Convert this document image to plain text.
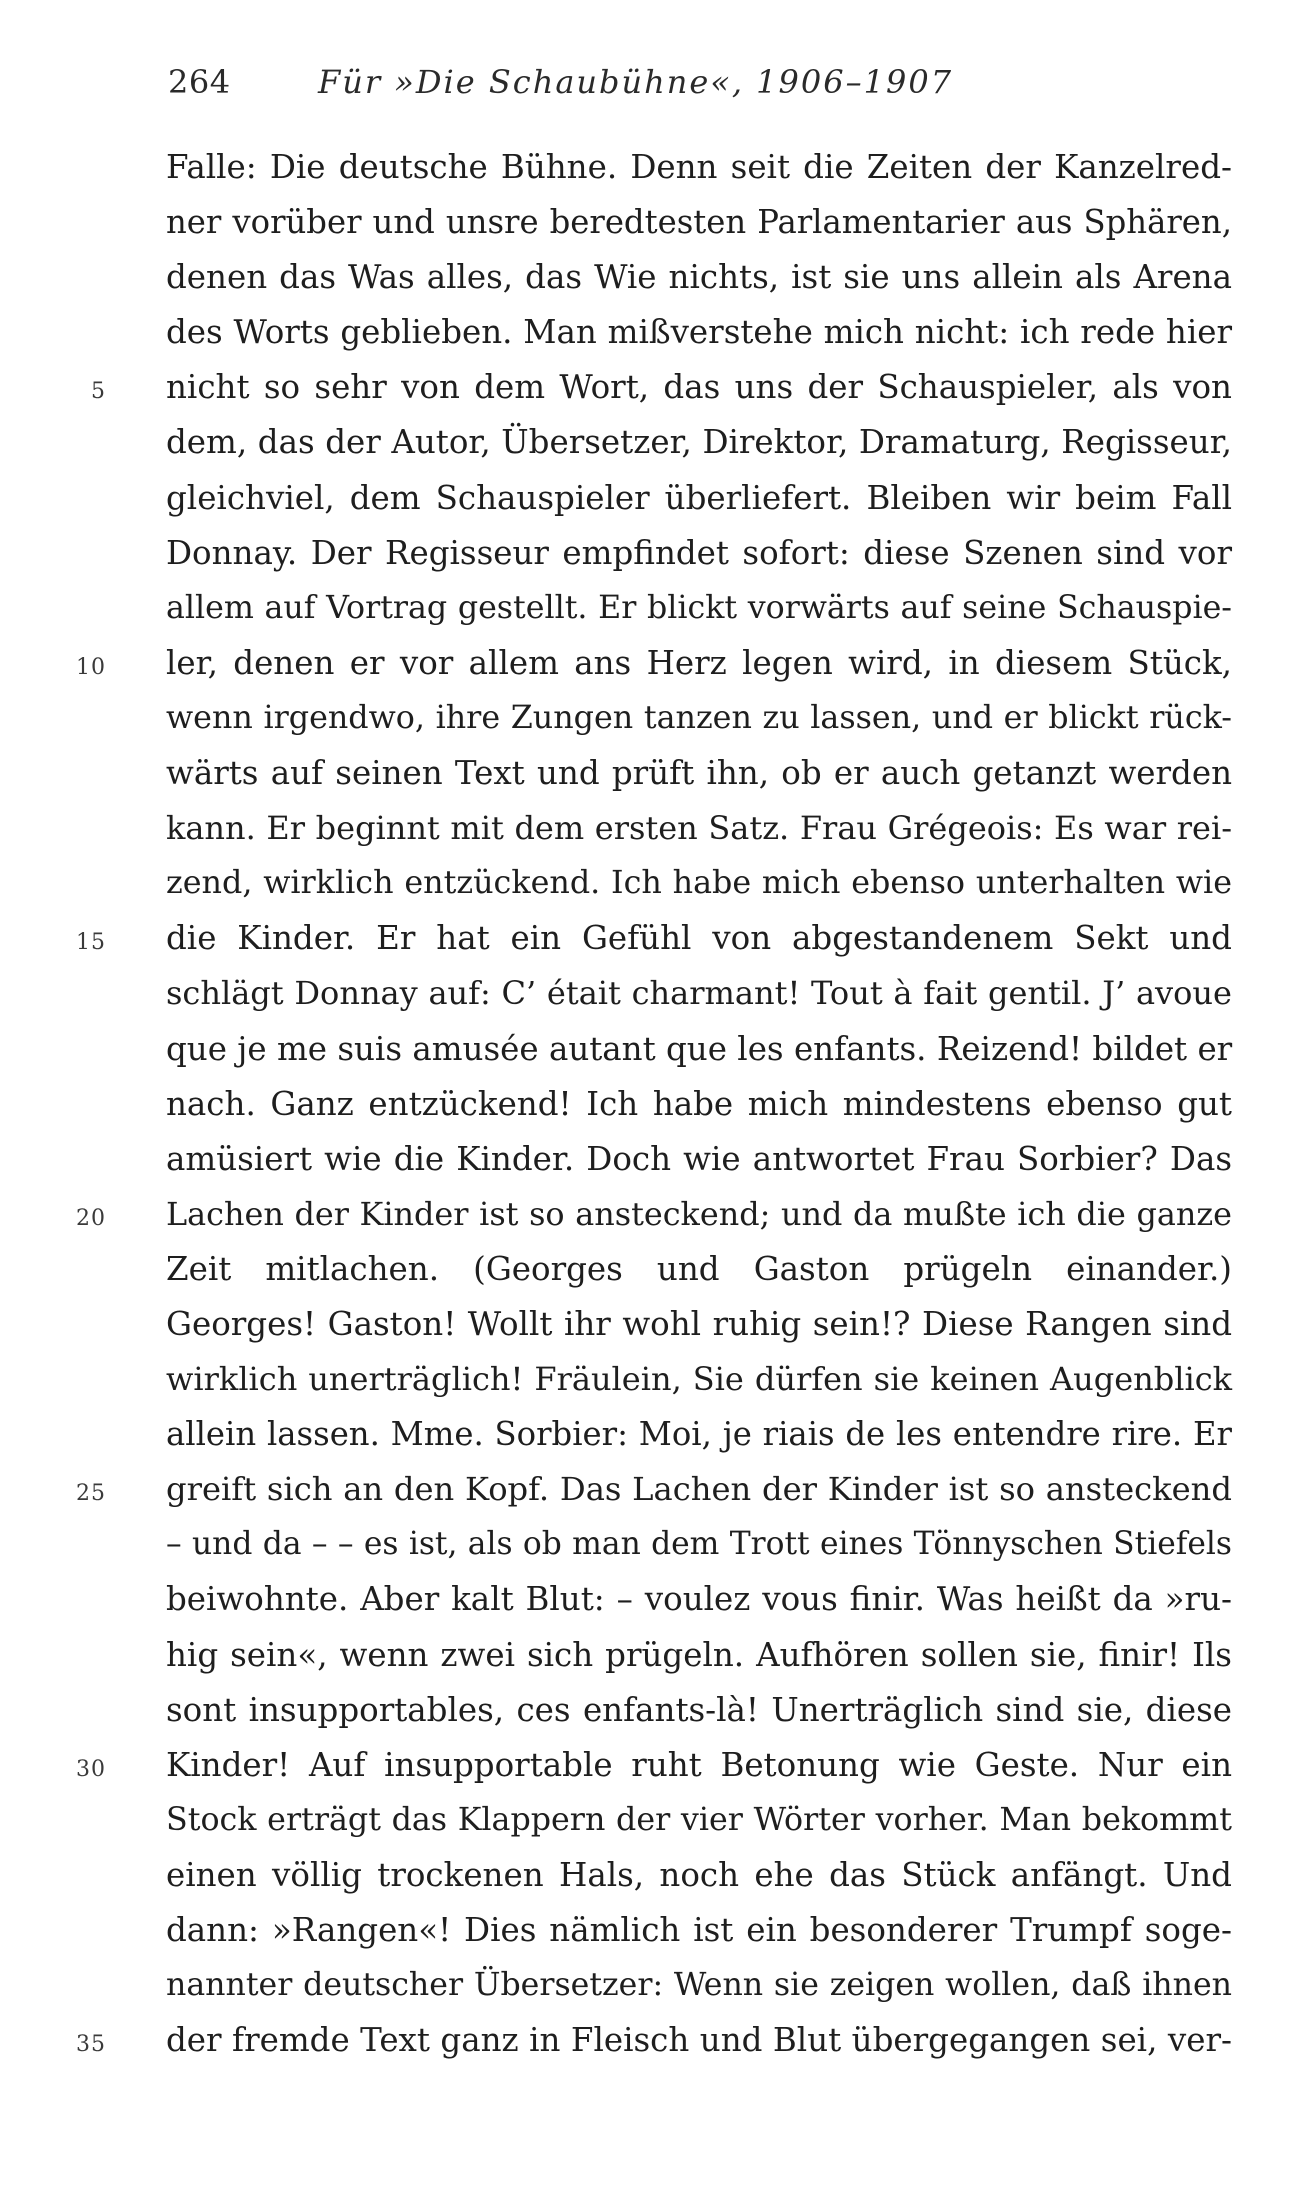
264	Für »Die Schaubühne«, 1906–1907
Falle: Die deutsche Bühne. Denn seit die Zeiten der Kanzelred-
ner vorüber und unsre beredtesten Parlamentarier aus Sphären,
denen das Was alles, das Wie nichts, ist sie uns allein als Arena
des Worts geblieben. Man mißverstehe mich nicht: ich rede hier
5 nicht so sehr von dem Wort, das uns der Schauspieler, als von
dem, das der Autor, Übersetzer, Direktor, Dramaturg, Regisseur,
gleichviel, dem Schauspieler überliefert. Bleiben wir beim Fall
Donnay. Der Regisseur empfindet sofort: diese Szenen sind vor
allem auf Vortrag gestellt. Er blickt vorwärts auf seine Schauspie-
10 ler, denen er vor allem ans Herz legen wird, in diesem Stück,
wenn irgendwo, ihre Zungen tanzen zu lassen, und er blickt rück-
wärts auf seinen Text und prüft ihn, ob er auch getanzt werden
kann. Er beginnt mit dem ersten Satz. Frau Grégeois: Es war rei-
zend, wirklich entzückend. Ich habe mich ebenso unterhalten wie
15 die Kinder. Er hat ein Gefühl von abgestandenem Sekt und
schlägt Donnay auf: C’ était charmant! Tout à fait gentil. J’ avoue
que je me suis amusée autant que les enfants. Reizend! bildet er
nach. Ganz entzückend! Ich habe mich mindestens ebenso gut
amüsiert wie die Kinder. Doch wie antwortet Frau Sorbier? Das
20 Lachen der Kinder ist so ansteckend; und da mußte ich die ganze
Zeit mitlachen. (Georges und Gaston prügeln einander.)
Georges! Gaston! Wollt ihr wohl ruhig sein!? Diese Rangen sind
wirklich unerträglich! Fräulein, Sie dürfen sie keinen Augenblick
allein lassen. Mme. Sorbier: Moi, je riais de les entendre rire. Er
25 greift sich an den Kopf. Das Lachen der Kinder ist so ansteckend
– und da – – es ist, als ob man dem Trott eines Tönnyschen Stiefels
beiwohnte. Aber kalt Blut: – voulez vous finir. Was heißt da »ru-
hig sein«, wenn zwei sich prügeln. Aufhören sollen sie, finir! Ils
sont insupportables, ces enfants-là! Unerträglich sind sie, diese
30 Kinder! Auf insupportable ruht Betonung wie Geste. Nur ein
Stock erträgt das Klappern der vier Wörter vorher. Man bekommt
einen völlig trockenen Hals, noch ehe das Stück anfängt. Und
dann: »Rangen«! Dies nämlich ist ein besonderer Trumpf soge-
nannter deutscher Übersetzer: Wenn sie zeigen wollen, daß ihnen
35 der fremde Text ganz in Fleisch und Blut übergegangen sei, ver-
